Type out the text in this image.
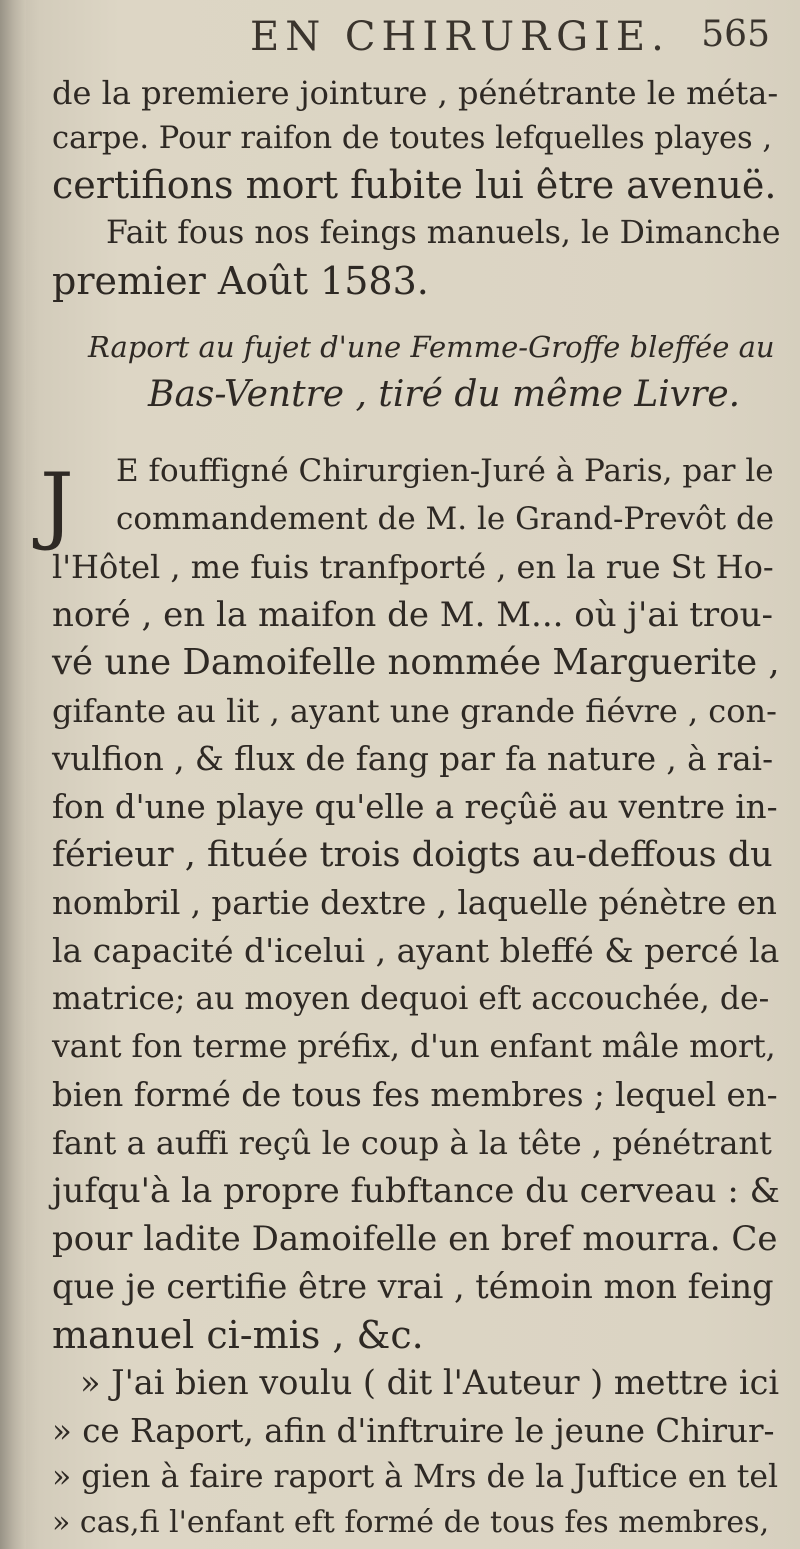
EN CHIRURGIE. 565
de la premiere jointure , pénétrante le méta-
carpe. Pour raifon de toutes lefquelles playes ,
certifions mort fubite lui être avenuë.
Fait fous nos feings manuels, le Dimanche
premier Août 1583.
Raport au fujet d'une Femme-Groffe bleffée au
Bas-Ventre , tiré du même Livre.
J E fouffigné Chirurgien-Juré à Paris, par le
commandement de M. le Grand-Prevôt de
l'Hôtel , me fuis tranfporté , en la rue St Ho-
noré , en la maifon de M. M... où j'ai trou-
vé une Damoifelle nommée Marguerite ,
gifante au lit , ayant une grande fiévre , con-
vulfion , & flux de fang par fa nature , à rai-
fon d'une playe qu'elle a reçûë au ventre in-
férieur , fituée trois doigts au-deffous du
nombril , partie dextre , laquelle pénètre en
la capacité d'icelui , ayant bleffé & percé la
matrice; au moyen dequoi eft accouchée, de-
vant fon terme préfix, d'un enfant mâle mort,
bien formé de tous fes membres ; lequel en-
fant a auffi reçû le coup à la tête , pénétrant
jufqu'à la propre fubftance du cerveau : &
pour ladite Damoifelle en bref mourra. Ce
que je certifie être vrai , témoin mon feing
manuel ci-mis , &c.
» J'ai bien voulu ( dit l'Auteur ) mettre ici
» ce Raport, afin d'inftruire le jeune Chirur-
» gien à faire raport à Mrs de la Juftice en tel
» cas,fi l'enfant eft formé de tous fes membres,
